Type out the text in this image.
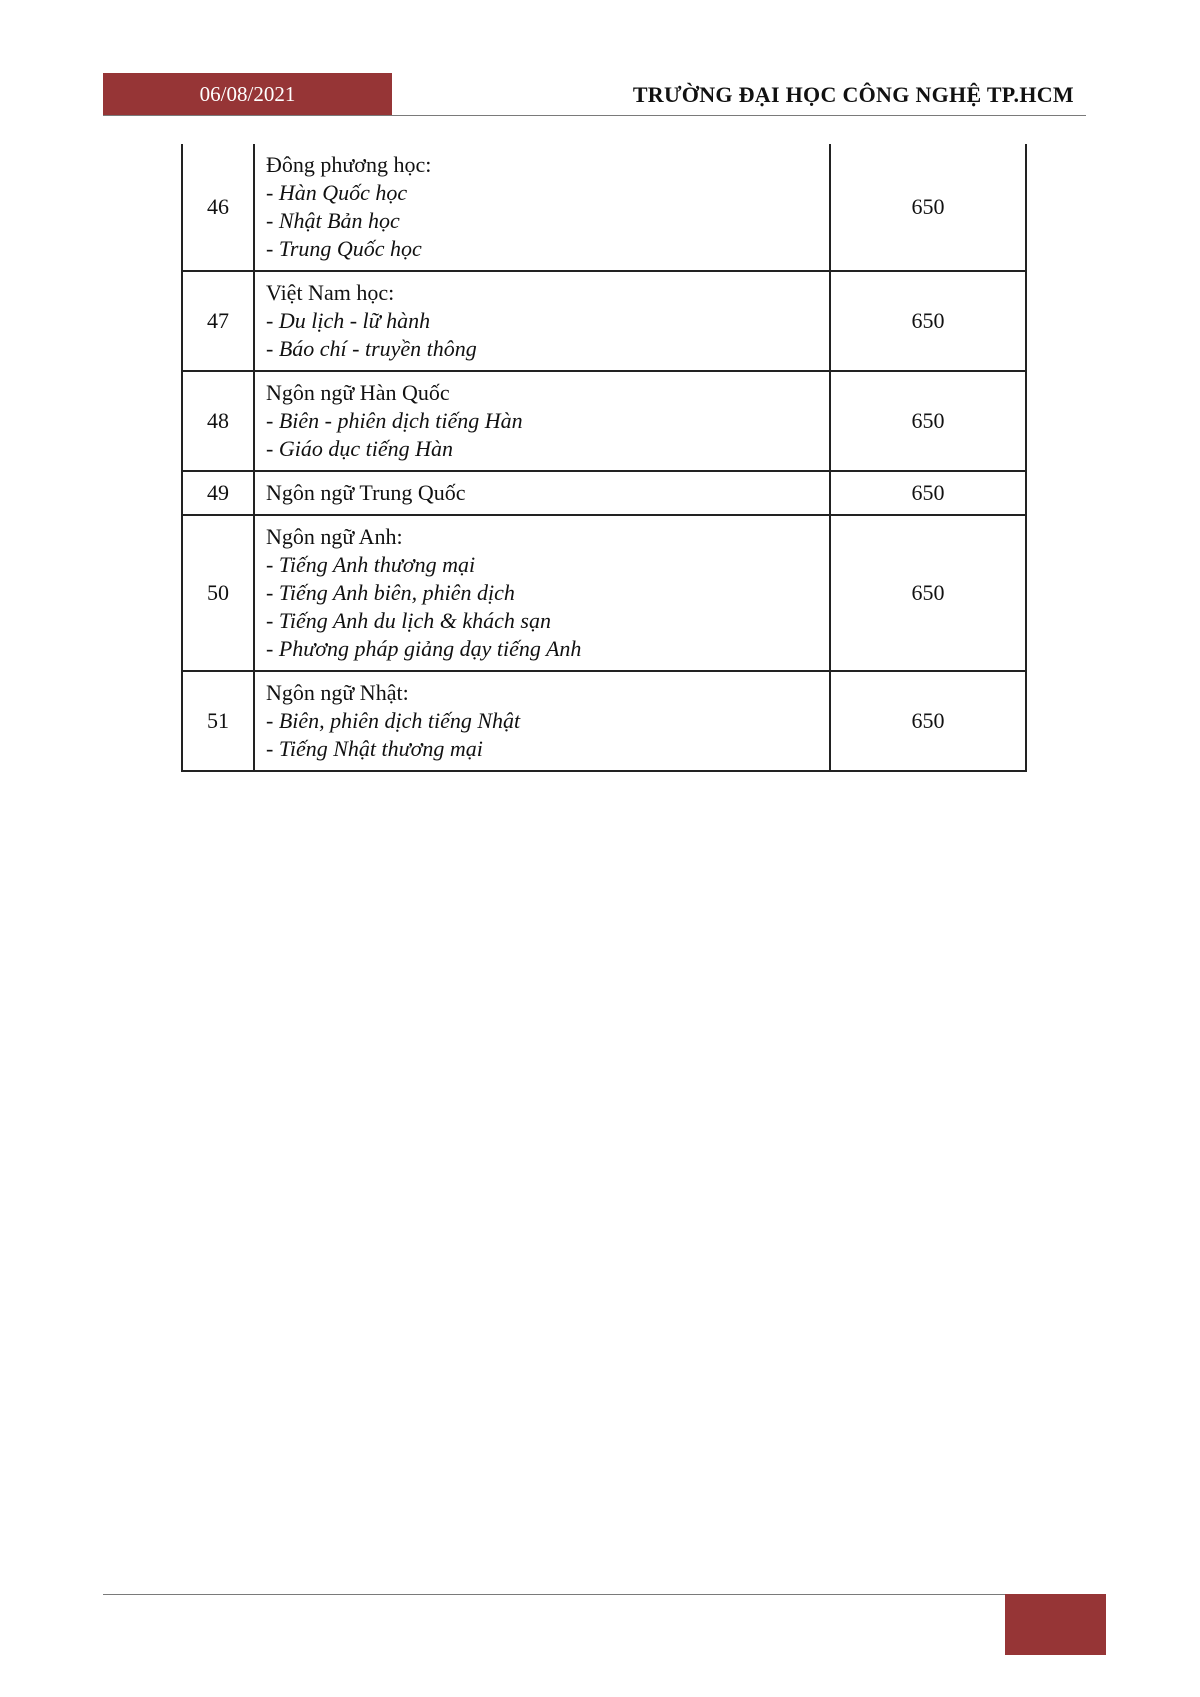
06/08/2021	TRƯỜNG ĐẠI HỌC CÔNG NGHỆ TP.HCM
46	Đông phương học:
- Hàn Quốc học
- Nhật Bản học
- Trung Quốc học	650
47	Việt Nam học:
- Du lịch - lữ hành
- Báo chí - truyền thông	650
48	Ngôn ngữ Hàn Quốc
- Biên - phiên dịch tiếng Hàn
- Giáo dục tiếng Hàn	650
49	Ngôn ngữ Trung Quốc	650
50	Ngôn ngữ Anh:
- Tiếng Anh thương mại
- Tiếng Anh biên, phiên dịch
- Tiếng Anh du lịch & khách sạn
- Phương pháp giảng dạy tiếng Anh	650
51	Ngôn ngữ Nhật:
- Biên, phiên dịch tiếng Nhật
- Tiếng Nhật thương mại	650
